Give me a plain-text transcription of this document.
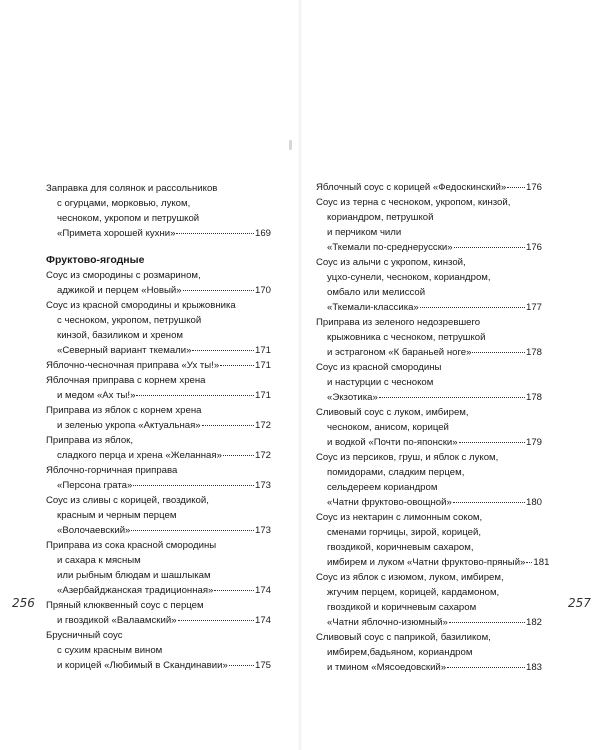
Заправка для солянок и рассольников
с огурцами, морковью, луком,
чесноком, укропом и петрушкой
«Примета хорошей кухни»	169
Фруктово-ягодные
Соус из смородины с розмарином,
аджикой и перцем «Новый»	170
Соус из красной смородины и крыжовника
с чесноком, укропом, петрушкой
кинзой, базиликом и хреном
«Северный вариант ткемали»	171
Яблочно-чесночная приправа «Ух ты!»	171
Яблочная приправа с корнем хрена
и медом «Ах ты!»	171
Приправа из яблок с корнем хрена
и зеленью укропа «Актуальная»	172
Приправа из яблок,
сладкого перца и хрена «Желанная»	172
Яблочно-горчичная приправа
«Персона грата»	173
Соус из сливы с корицей, гвоздикой,
красным и черным перцем
«Волочаевский»	173
Приправа из сока красной смородины
и сахара к мясным
или рыбным блюдам и шашлыкам
«Азербайджанская традиционная»	174
Пряный клюквенный соус с перцем
и гвоздикой «Валаамский»	174
Брусничный соус
с сухим красным вином
и корицей «Любимый в Скандинавии»	175
256
Яблочный соус с корицей «Федоскинский» 176
Соус из терна с чесноком, укропом, кинзой,
кориандром, петрушкой
и перчиком чили
«Ткемали по-среднерусски»	176
Соус из алычи с укропом, кинзой,
уцхо-сунели, чесноком, кориандром,
омбало или мелиссой
«Ткемали-классика»	177
Приправа из зеленого недозревшего
крыжовника с чесноком, петрушкой
и эстрагоном «К бараньей ноге»	178
Соус из красной смородины
и настурции с чесноком
«Экзотика»	178
Сливовый соус с луком, имбирем,
чесноком, анисом, корицей
и водкой «Почти по-японски»	179
Соус из персиков, груш, и яблок с луком,
помидорами, сладким перцем,
сельдереем кориандром
«Чатни фруктово-овощной»	180
Соус из нектарин с лимонным соком,
сменами горчицы, зирой, корицей,
гвоздикой, коричневым сахаром,
имбирем и луком «Чатни фруктово-пряный» 181
Соус из яблок с изюмом, луком, имбирем,
жгучим перцем, корицей, кардамоном,
гвоздикой и коричневым сахаром
«Чатни яблочно-изюмный»	182
Сливовый соус с паприкой, базиликом,
имбирем,бадьяном, кориандром
и тмином «Мясоедовский»	183
257
